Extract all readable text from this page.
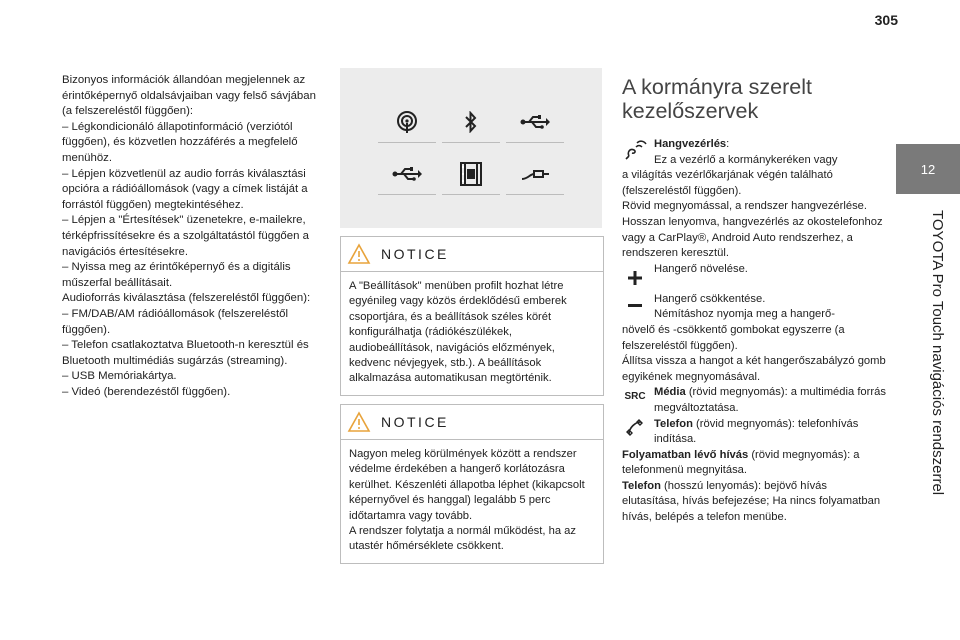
305
12
TOYOTA Pro Touch navigációs rendszerrel

Bizonyos információk állandóan megjelennek az érintőképernyő oldalsávjaiban vagy felső sávjában (a felszereléstől függően):

– Légkondicionáló állapotinformáció (verziótól függően), és közvetlen hozzáférés a megfelelő menühöz.

– Lépjen közvetlenül az audio forrás kiválasztási opcióra a rádióállomások (vagy a címek listáját a forrástól függően) megtekintéséhez.

– Lépjen a "Értesítések" üzenetekre, e-mailekre, térképfrissítésekre és a szolgáltatástól függően a navigációs értesítésekre.

– Nyissa meg az érintőképernyő és a digitális műszerfal beállításait.

Audioforrás kiválasztása (felszereléstől függően):

– FM/DAB/AM rádióállomások (felszereléstől függően).

– Telefon csatlakoztatva Bluetooth-n keresztül és Bluetooth multimédiás sugárzás (streaming).

– USB Memóriakártya.

– Videó (berendezéstől függően).

NOTICE

A "Beállítások" menüben profilt hozhat létre egyénileg vagy közös érdeklődésű emberek csoportjára, és a beállítások széles körét konfigurálhatja (rádiókészülékek, audiobeállítások, navigációs előzmények, kedvenc névjegyek, stb.). A beállítások alkalmazása automatikusan megtörténik.

NOTICE

Nagyon meleg körülmények között a rendszer védelme érdekében a hangerő korlátozásra kerülhet. Készenléti állapotba léphet (kikapcsolt képernyővel és hanggal) legalább 5 perc időtartamra vagy tovább.

A rendszer folytatja a normál működést, ha az utastér hőmérséklete csökkent.

A kormányra szerelt kezelőszervek

Hangvezérlés:

Ez a vezérlő a kormánykeréken vagy

a világítás vezérlőkarjának végén található (felszereléstől függően).

Rövid megnyomással, a rendszer hangvezérlése.

Hosszan lenyomva, hangvezérlés az okostelefonhoz vagy a CarPlay®, Android Auto rendszerhez, a rendszeren keresztül.

Hangerő növelése.

Hangerő csökkentése.

Némításhoz nyomja meg a hangerő-

növelő és -csökkentő gombokat egyszerre (a felszereléstől függően).

Állítsa vissza a hangot a két hangerőszabályzó gomb egyikének megnyomásával.

SRC Média (rövid megnyomás): a multimédia forrás megváltoztatása.

Telefon (rövid megnyomás): telefonhívás indítása.

Folyamatban lévő hívás (rövid megnyomás): a telefonmenü megnyitása.

Telefon (hosszú lenyomás): bejövő hívás elutasítása, hívás befejezése; Ha nincs folyamatban hívás, belépés a telefon menübe.
